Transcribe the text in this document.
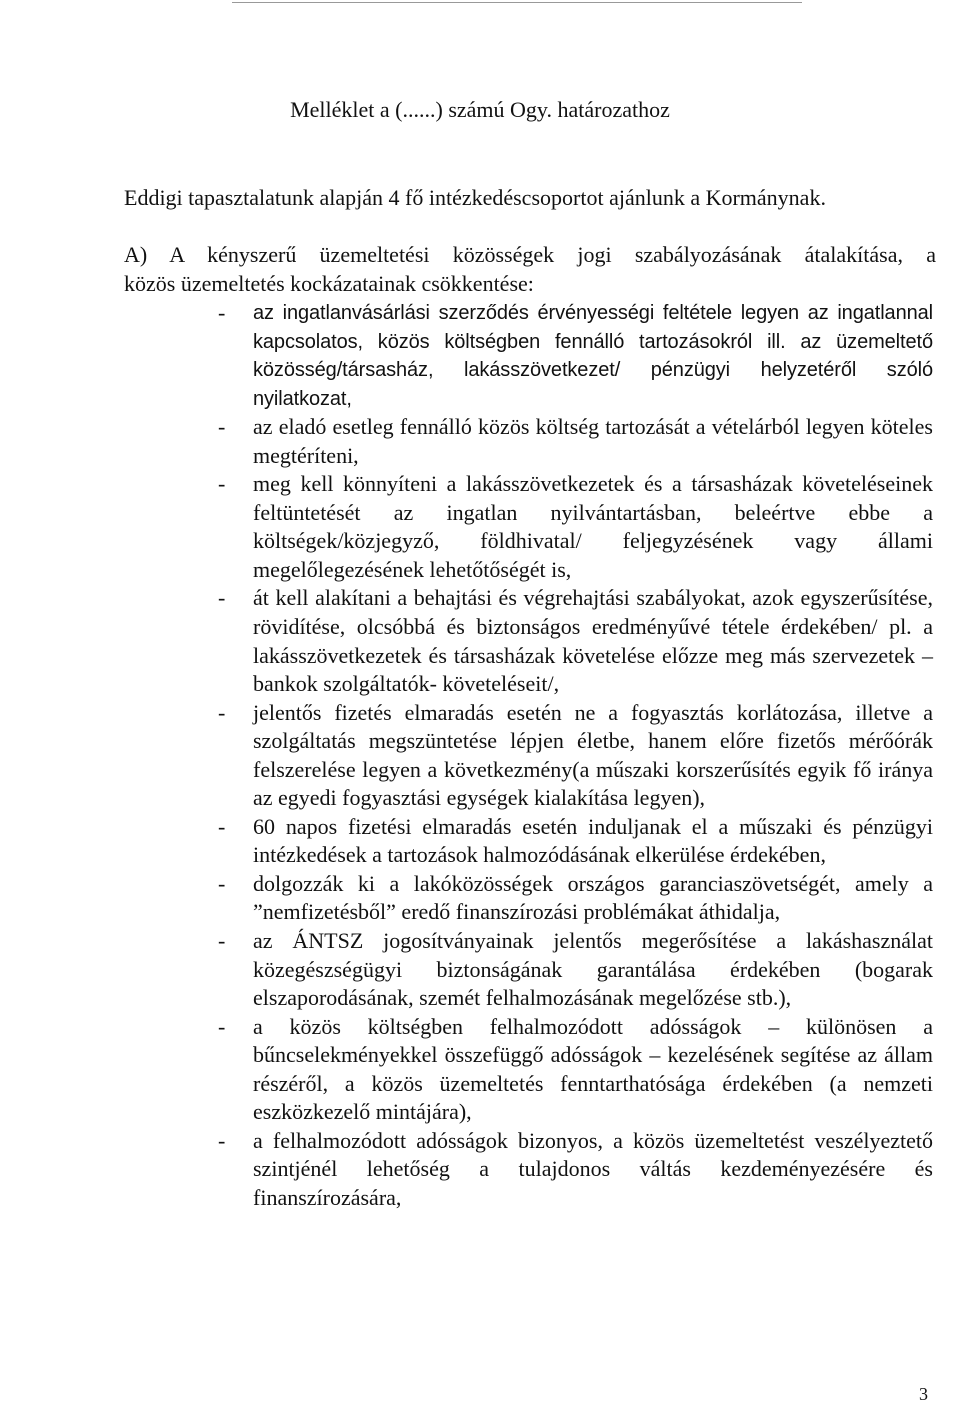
Melléklet a (......) számú Ogy. határozathoz
Eddigi tapasztalatunk alapján 4 fő intézkedéscsoportot ajánlunk a Kormánynak.
A) A kényszerű üzemeltetési közösségek jogi szabályozásának átalakítása, a
közös üzemeltetés kockázatainak csökkentése:
- az ingatlanvásárlási szerződés érvényességi feltétele legyen az ingatlannal kapcsolatos, közös költségben fennálló tartozásokról ill. az üzemeltető közösség/társasház, lakásszövetkezet/ pénzügyi helyzetéről szóló nyilatkozat,
- az eladó esetleg fennálló közös költség tartozását a vételárból legyen köteles megtéríteni,
- meg kell könnyíteni a lakásszövetkezetek és a társasházak követeléseinek feltüntetését az ingatlan nyilvántartásban, beleértve ebbe a költségek/közjegyző, földhivatal/ feljegyzésének vagy állami megelőlegezésének lehetőtőségét is,
- át kell alakítani a behajtási és végrehajtási szabályokat, azok egyszerűsítése, rövidítése, olcsóbbá és biztonságos eredményűvé tétele érdekében/ pl. a lakásszövetkezetek és társasházak követelése előzze meg más szervezetek – bankok szolgáltatók- követeléseit/,
- jelentős fizetés elmaradás esetén ne a fogyasztás korlátozása, illetve a szolgáltatás megszüntetése lépjen életbe, hanem előre fizetős mérőórák felszerelése legyen a következmény(a műszaki korszerűsítés egyik fő iránya az egyedi fogyasztási egységek kialakítása legyen),
- 60 napos fizetési elmaradás esetén induljanak el a műszaki és pénzügyi intézkedések a tartozások halmozódásának elkerülése érdekében,
- dolgozzák ki a lakóközösségek országos garanciaszövetségét, amely a ”nemfizetésből” eredő finanszírozási problémákat áthidalja,
- az ÁNTSZ jogosítványainak jelentős megerősítése a lakáshasználat közegészségügyi biztonságának garantálása érdekében (bogarak elszaporodásának, szemét felhalmozásának megelőzése stb.),
- a közös költségben felhalmozódott adósságok – különösen a bűncselekményekkel összefüggő adósságok – kezelésének segítése az állam részéről, a közös üzemeltetés fenntarthatósága érdekében (a nemzeti eszközkezelő mintájára),
- a felhalmozódott adósságok bizonyos, a közös üzemeltetést veszélyeztető szintjénél lehetőség a tulajdonos váltás kezdeményezésére és finanszírozására,
3
